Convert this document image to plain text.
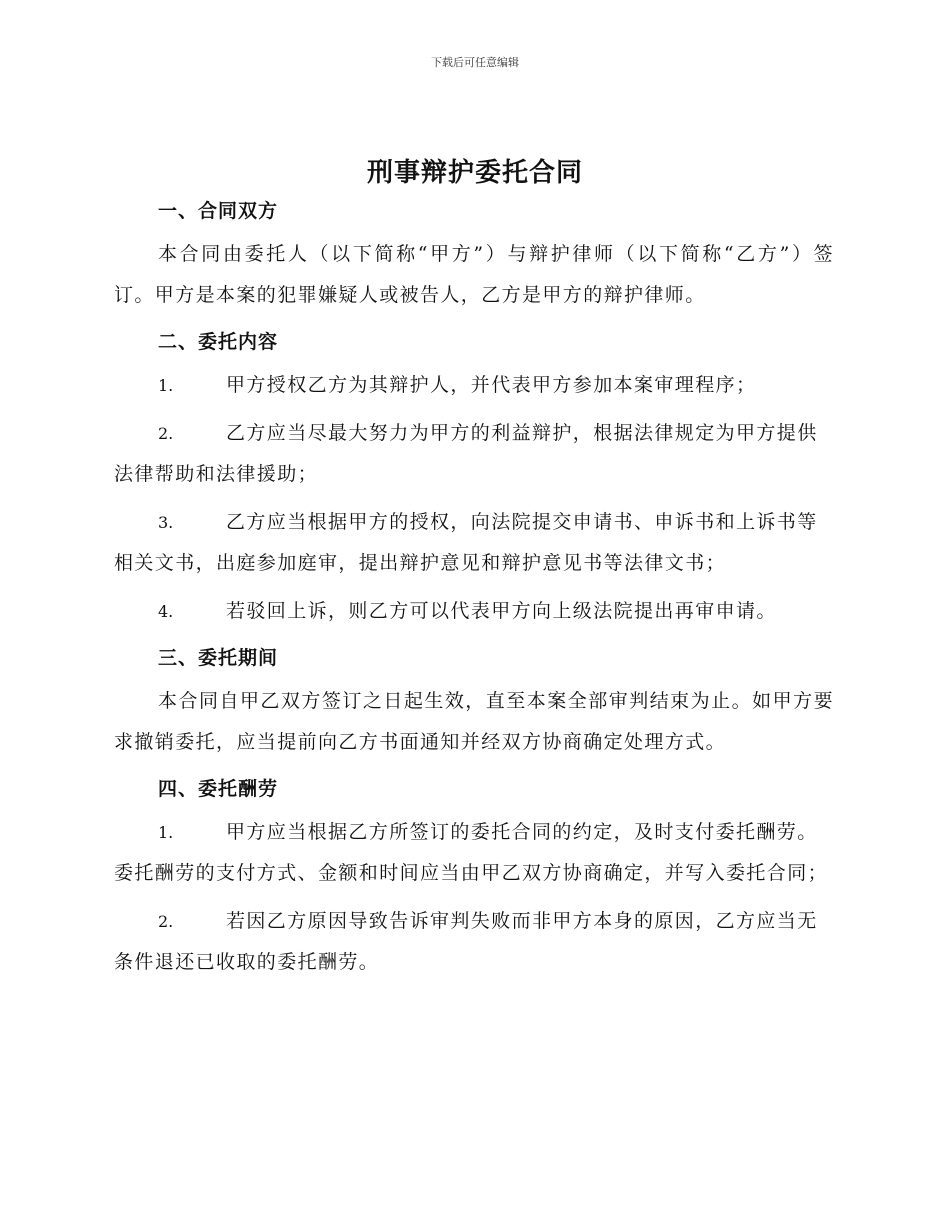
下载后可任意编辑
刑事辩护委托合同
一、合同双方

本合同由委托人（以下简称“甲方”）与辩护律师（以下简称“乙方”）签订。甲方是本案的犯罪嫌疑人或被告人，乙方是甲方的辩护律师。

二、委托内容

1.	甲方授权乙方为其辩护人，并代表甲方参加本案审理程序；

2.	乙方应当尽最大努力为甲方的利益辩护，根据法律规定为甲方提供法律帮助和法律援助；

3.	乙方应当根据甲方的授权，向法院提交申请书、申诉书和上诉书等相关文书，出庭参加庭审，提出辩护意见和辩护意见书等法律文书；

4.	若驳回上诉，则乙方可以代表甲方向上级法院提出再审申请。

三、委托期间

本合同自甲乙双方签订之日起生效，直至本案全部审判结束为止。如甲方要求撤销委托，应当提前向乙方书面通知并经双方协商确定处理方式。

四、委托酬劳

1.	甲方应当根据乙方所签订的委托合同的约定，及时支付委托酬劳。委托酬劳的支付方式、金额和时间应当由甲乙双方协商确定，并写入委托合同；

2.	若因乙方原因导致告诉审判失败而非甲方本身的原因，乙方应当无条件退还已收取的委托酬劳。
